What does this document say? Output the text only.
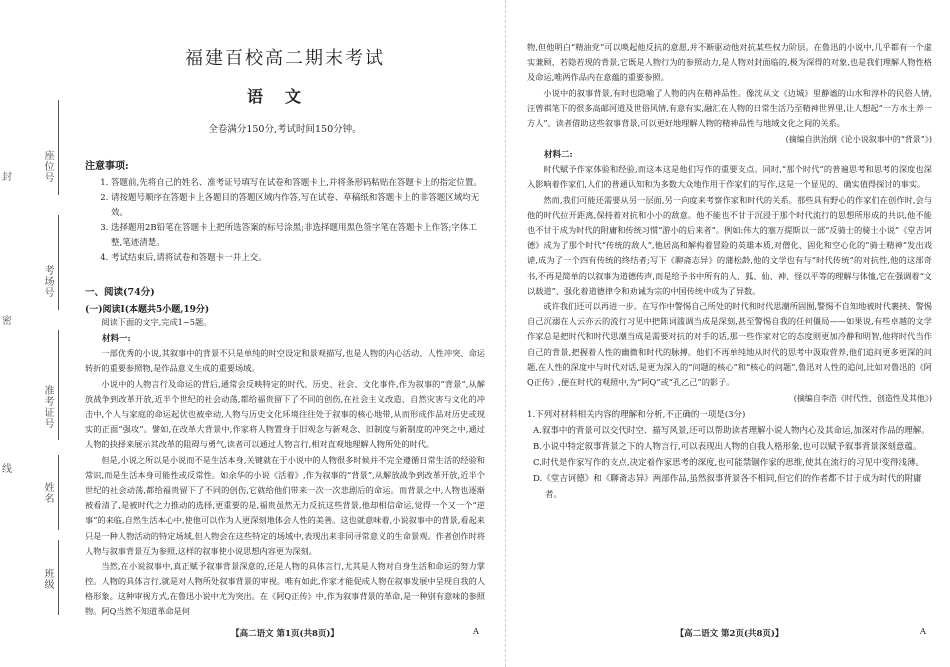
封
密
线
座位号
考场号
准考证号
姓名
班级
福建百校高二期末考试
语文
全卷满分150分,考试时间150分钟。
注意事项:
1. 答题前,先将自己的姓名、准考证号填写在试卷和答题卡上,并将条形码粘贴在答题卡上的指定位置。
2. 请按题号顺序在答题卡上各题目的答题区域内作答,写在试卷、草稿纸和答题卡上的非答题区域均无效。
3. 选择题用2B铅笔在答题卡上把所选答案的标号涂黑;非选择题用黑色签字笔在答题卡上作答;字体工整,笔迹清楚。
4. 考试结束后,请将试卷和答题卡一并上交。
一、阅读(74分)
(一)阅读Ⅰ(本题共5小题,19分)

阅读下面的文字,完成1~5题。

材料一:

一部优秀的小说,其叙事中的背景不只是单纯的时空设定和景观描写,也是人物的内心活动、人性冲突、命运转折的重要参照物,是作品意义生成的重要场域。

小说中的人物言行及命运的背后,通常会反映特定的时代、历史、社会、文化事件,作为叙事的“背景”,从解放战争到改革开放,近半个世纪的社会动荡,都给福贵留下了不同的创伤,在社会主义改造、自然灾害与文化的冲击中,个人与家庭的命运起伏也被牵动,人物与历史文化环境往往处于叙事的核心地带,从而形成作品对历史或现实的正面“强攻”。譬如,在改革大背景中,作家将人物置身于旧观念与新观念、旧制度与新制度的冲突之中,通过人物的抉择来展示其改革的阻碍与勇气,读者可以通过人物言行,相对直观地理解人物所处的时代。

但是,小说之所以是小说而不是生活本身,关键就在于小说中的人物很多时候并不完全遵循日常生活的经验和常识,而是生活本身可能性或反常性。如余华的小说《活着》,作为叙事的“背景”,从解放战争到改革开放,近半个世纪的社会动荡,都给福贵留下了不同的创伤,它就给他们带来一次一次悲剧后的命运。而背景之中,人物也逐渐被看清了,是被时代之力推动的选择,更重要的是,福贵虽然无力反抗这些背景,他却相信命运,觉得一个又一个“逆事”的来临,自然生活本心中,使他可以作为人更深刻地体会人性的美善。这也就意味着,小说叙事中的背景,看起来只是一种人物活动的特定场域,但人物会在这些特定的场域中,表现出来非同寻常意义的生命景观。作者创作时将人物与叙事背景互为参照,这样的叙事使小说思想内容更为深刻。

当然,在小说叙事中,真正赋予叙事背景深意的,还是人物的具体言行,尤其是人物对自身生活和命运的努力掌控。人物的具体言行,就是对人物所处叙事背景的审视。唯有如此,作家才能促成人物在叙事发展中呈现自我的人格形象。这种审视方式,在鲁迅小说中尤为突出。在《阿Q正传》中,作为叙事背景的革命,是一种别有意味的参照物。阿Q当然不知道革命是何

【高二语文 第1页(共8页)】	A

物,但他明白“精油党”可以唤起他反抗的意愿,并不断驱动他对抗某些权力阶层。在鲁迅的小说中,几乎都有一个虚实兼顾、若隐若现的背景,它既是人物行为的参照动力,是人物对封面临的,极为深得的对象,也是我们理解人物性格及命运,唯两作品内在意蕴的重要参照。

小说中的叙事背景,有时也隐喻了人物的内在精神品性。像沈从文《边城》里静谧的山水和淳朴的民俗人情,汪曾祺笔下的很多高邮河道及世俗风情,有意有实,融汇在人物的日常生活乃至精神世界里,让人想起“一方水土养一方人”。读者借助这些叙事背景,可以更好地理解人物的精神品性与地域文化之间的关系。

(摘编自洪治纲《论小说叙事中的“背景”》)

材料二:

时代赋予作家体验和经验,而这本这是他们写作的重要支点。同时,“那个时代”的普遍思考和思考的深度也深入影响着作家们,人们的普通认知和为多数大众地作用于作家们的写作,这是一个显见的、确实值得探讨的事实。

然而,我们可能还需要从另一层面,另一向度来考察作家和时代的关系。那些具有野心的作家们在创作时,会与他的时代拉开距离,保持着对抗和小小的敌意。他不能也不甘于沉浸于那个时代流行的思想所形成的共识,他不能也不甘于成为时代的附庸和传统习惯“游小的后来者”。例如:伟大的塞万提斯以一部“反骑士的骑士小说”《堂吉诃德》成为了那个时代“传统的敌人”,他居高和解构着冒险的英雄本质,对僧化、固化和空心化的“骑士精神”发出戏谑,成为了一个四有传统的终结者;写下《聊斋志异》的蒲松龄,他的文学也有与“时代传统”的对抗性,他的这部奇书,不再是简单的以叙事为道德传声,而是给予书中所有的人、狐、仙、神、怪以平等的理解与体恤,它在强调着“文以载道”、强化着道德律令和劝诫为宗的中国传统中成为了异数。

或许我们还可以再进一步。在写作中警惕自己所处的时代和时代思潮所固囿,警惕不自知地被时代裹挟、警惕自己沉溺在人云亦云的流行习见中把陈词滥调当成是深刻,甚至警惕自我的任何僵局——如果说,有些卓越的文学作家总是把时代和时代思潮当成是需要对抗的对手的话,那一些作家对它的态度则更加冷静和明智,他将时代当作自己的背景,把握着人性的幽微和时代的脉搏。他们不再单纯地从时代的思考中汲取营养,他们追问更多更深的问题,在人性的深度中与时代对话,是更为深入的“问题的核心”和“核心的问题”,鲁迅对人性的追问,比如对鲁迅的《阿Q正传》,便在时代的观照中,为“阿Q”或“孔乙己”的影子。

(摘编自李浩《时代性、创造性及其他》)

1.下列对材料相关内容的理解和分析,不正确的一项是(3分)

A.叙事中的背景可以交代时空、描写风景,还可以帮助读者理解小说人物内心及其命运,加深对作品的理解。

B.小说中特定叙事背景之下的人物言行,可以表现出人物的自我人格形象,也可以赋予叙事背景深刻意蕴。

C.时代是作家写作的支点,决定着作家思考的深度,也可能禁锢作家的思维,使其在流行的习见中变得浅薄。

D.《堂吉诃德》和《聊斋志异》两部作品,虽然叙事背景各不相同,但它们的作者都不甘于成为时代的附庸者。

【高二语文 第2页(共8页)】	A
